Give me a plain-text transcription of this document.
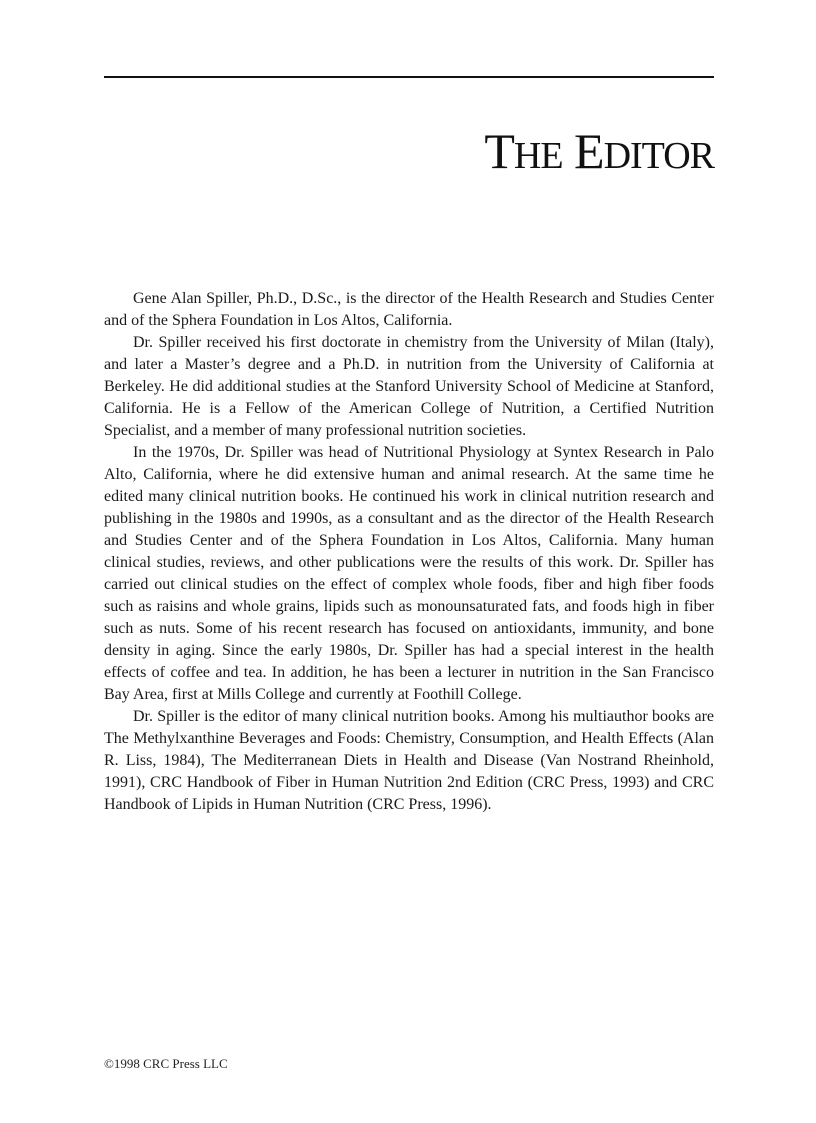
THE EDITOR

Gene Alan Spiller, Ph.D., D.Sc., is the director of the Health Research and Studies Center and of the Sphera Foundation in Los Altos, California.

Dr. Spiller received his first doctorate in chemistry from the University of Milan (Italy), and later a Master’s degree and a Ph.D. in nutrition from the University of California at Berkeley. He did additional studies at the Stanford University School of Medicine at Stanford, California. He is a Fellow of the American College of Nutrition, a Certified Nutrition Specialist, and a member of many professional nutrition societies.

In the 1970s, Dr. Spiller was head of Nutritional Physiology at Syntex Research in Palo Alto, California, where he did extensive human and animal research. At the same time he edited many clinical nutrition books. He continued his work in clinical nutrition research and publishing in the 1980s and 1990s, as a consultant and as the director of the Health Research and Studies Center and of the Sphera Foundation in Los Altos, California. Many human clinical studies, reviews, and other publications were the results of this work. Dr. Spiller has carried out clinical studies on the effect of complex whole foods, fiber and high fiber foods such as raisins and whole grains, lipids such as monounsaturated fats, and foods high in fiber such as nuts. Some of his recent research has focused on antioxidants, immunity, and bone density in aging. Since the early 1980s, Dr. Spiller has had a special interest in the health effects of coffee and tea. In addition, he has been a lecturer in nutrition in the San Francisco Bay Area, first at Mills College and currently at Foothill College.

Dr. Spiller is the editor of many clinical nutrition books. Among his multiauthor books are The Methylxanthine Beverages and Foods: Chemistry, Consumption, and Health Effects (Alan R. Liss, 1984), The Mediterranean Diets in Health and Disease (Van Nostrand Rheinhold, 1991), CRC Handbook of Fiber in Human Nutrition 2nd Edition (CRC Press, 1993) and CRC Handbook of Lipids in Human Nutrition (CRC Press, 1996).

©1998 CRC Press LLC
